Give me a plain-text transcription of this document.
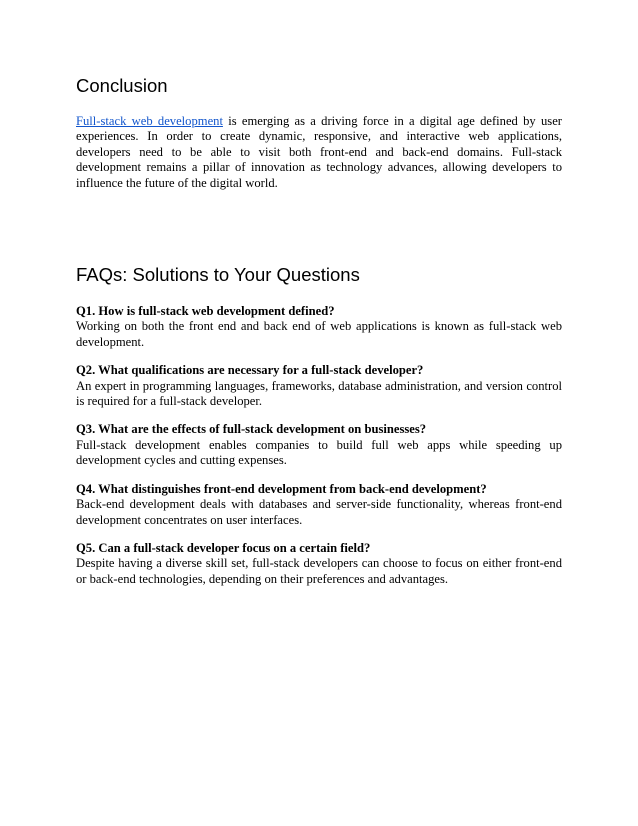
Conclusion

Full-stack web development is emerging as a driving force in a digital age defined by user experiences. In order to create dynamic, responsive, and interactive web applications, developers need to be able to visit both front-end and back-end domains. Full-stack development remains a pillar of innovation as technology advances, allowing developers to influence the future of the digital world.

FAQs: Solutions to Your Questions

Q1. How is full-stack web development defined?

Working on both the front end and back end of web applications is known as full-stack web development.

Q2. What qualifications are necessary for a full-stack developer?

An expert in programming languages, frameworks, database administration, and version control is required for a full-stack developer.

Q3. What are the effects of full-stack development on businesses?

Full-stack development enables companies to build full web apps while speeding up development cycles and cutting expenses.

Q4. What distinguishes front-end development from back-end development?

Back-end development deals with databases and server-side functionality, whereas front-end development concentrates on user interfaces.

Q5. Can a full-stack developer focus on a certain field?

Despite having a diverse skill set, full-stack developers can choose to focus on either front-end or back-end technologies, depending on their preferences and advantages.
